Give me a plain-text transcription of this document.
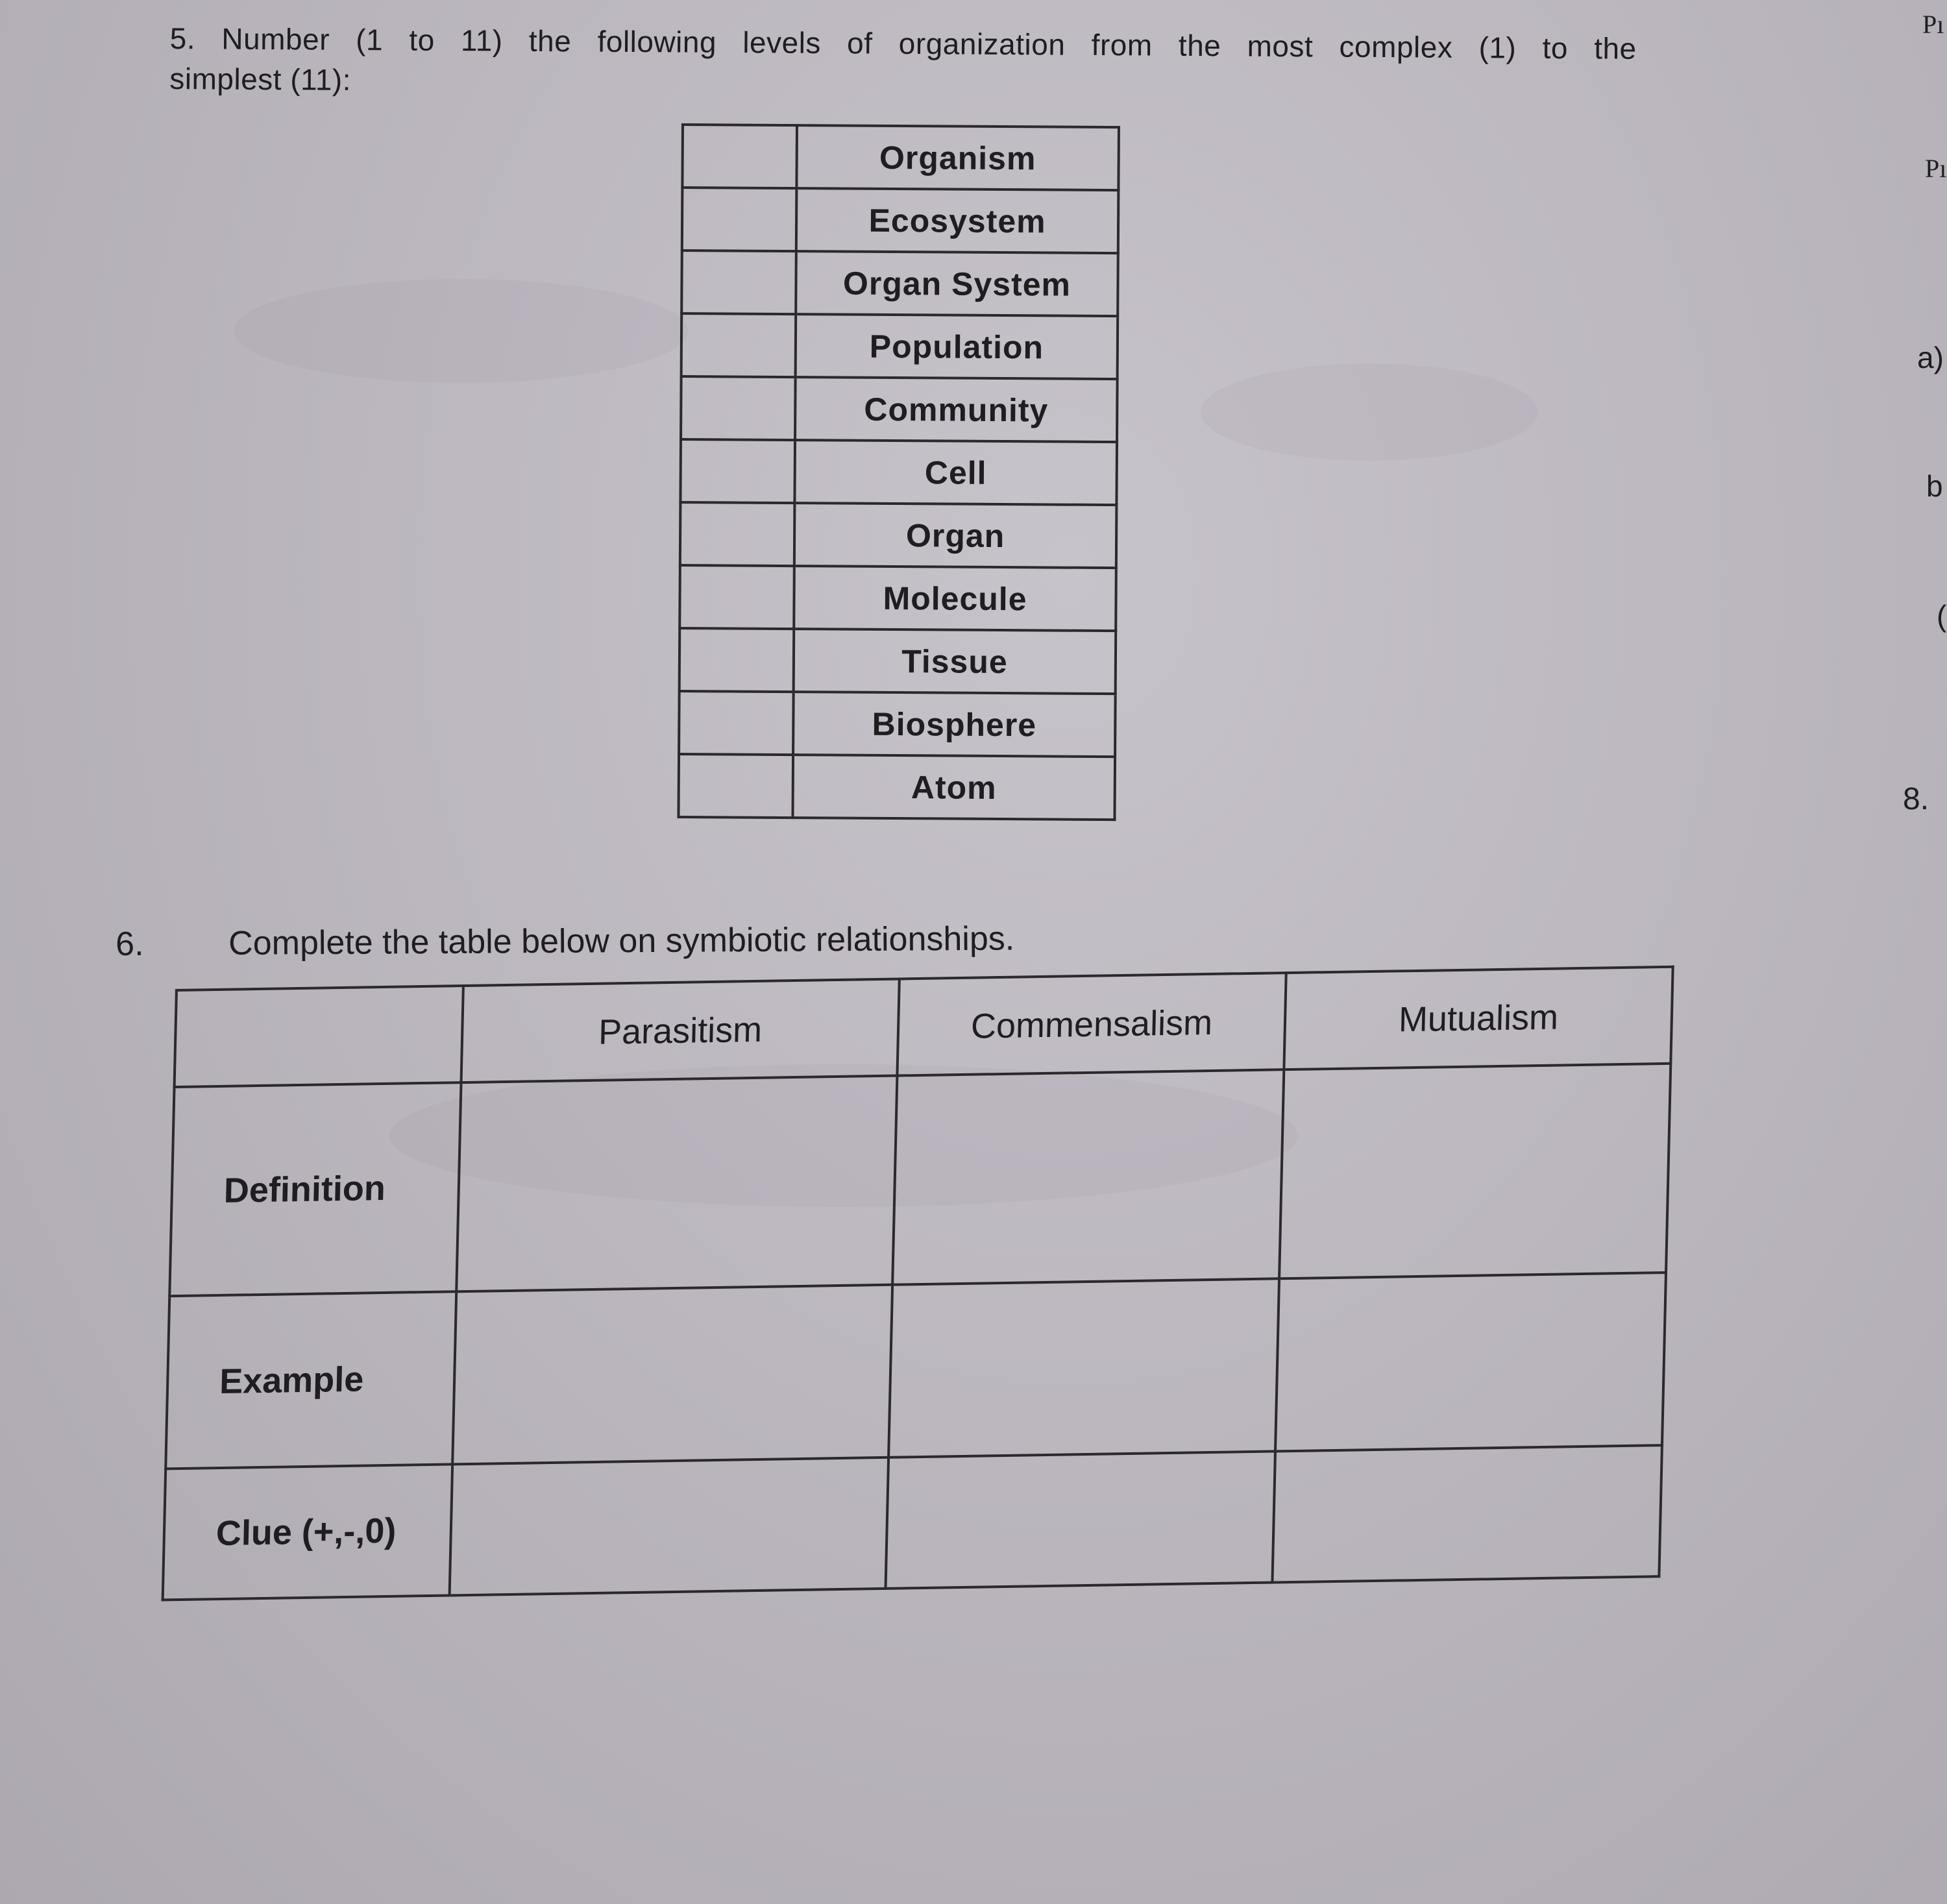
5. Number (1 to 11) the following levels of organization from the most complex (1) to the
simplest (11):
	Organism
	Ecosystem
	Organ System
	Population
	Community
	Cell
	Organ
	Molecule
	Tissue
	Biosphere
	Atom
Pı
Pı
a)
b
(
8.
6.	Complete the table below on symbiotic relationships.
	Parasitism	Commensalism	Mutualism
Definition			
Example			
Clue (+,-,0)			
